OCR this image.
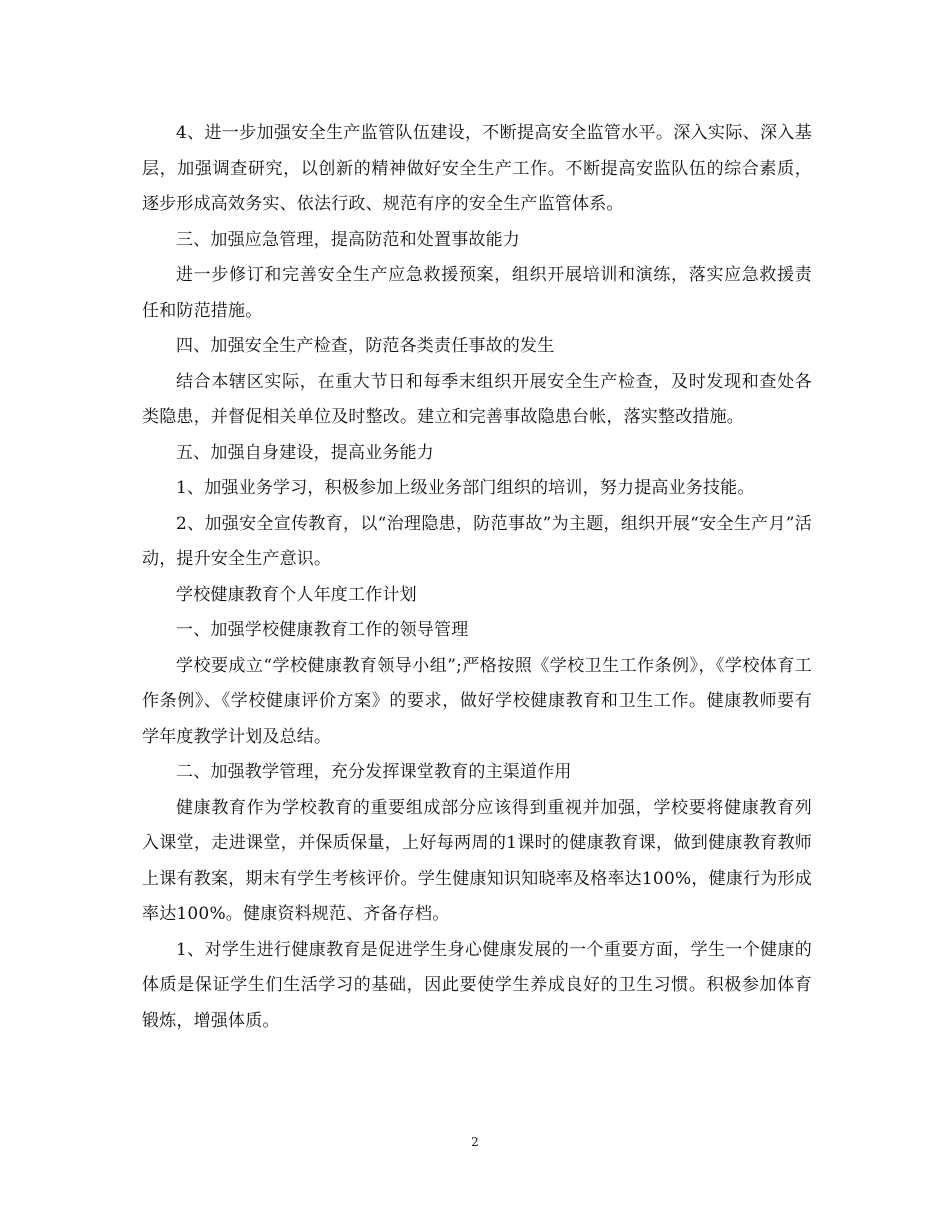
4、进一步加强安全生产监管队伍建设，不断提高安全监管水平。深入实际、深入基层，加强调查研究，以创新的精神做好安全生产工作。不断提高安监队伍的综合素质，逐步形成高效务实、依法行政、规范有序的安全生产监管体系。

三、加强应急管理，提高防范和处置事故能力

进一步修订和完善安全生产应急救援预案，组织开展培训和演练，落实应急救援责任和防范措施。

四、加强安全生产检查，防范各类责任事故的发生

结合本辖区实际，在重大节日和每季末组织开展安全生产检查，及时发现和查处各类隐患，并督促相关单位及时整改。建立和完善事故隐患台帐，落实整改措施。

五、加强自身建设，提高业务能力

1、加强业务学习，积极参加上级业务部门组织的培训，努力提高业务技能。

2、加强安全宣传教育，以“治理隐患，防范事故”为主题，组织开展“安全生产月”活动，提升安全生产意识。

学校健康教育个人年度工作计划

一、加强学校健康教育工作的领导管理

学校要成立“学校健康教育领导小组”;严格按照《学校卫生工作条例》，《学校体育工作条例》、《学校健康评价方案》的要求，做好学校健康教育和卫生工作。健康教师要有学年度教学计划及总结。

二、加强教学管理，充分发挥课堂教育的主渠道作用

健康教育作为学校教育的重要组成部分应该得到重视并加强，学校要将健康教育列入课堂，走进课堂，并保质保量，上好每两周的1课时的健康教育课，做到健康教育教师上课有教案，期末有学生考核评价。学生健康知识知晓率及格率达100%，健康行为形成率达100%。健康资料规范、齐备存档。

1、对学生进行健康教育是促进学生身心健康发展的一个重要方面，学生一个健康的体质是保证学生们生活学习的基础，因此要使学生养成良好的卫生习惯。积极参加体育锻炼，增强体质。

2
